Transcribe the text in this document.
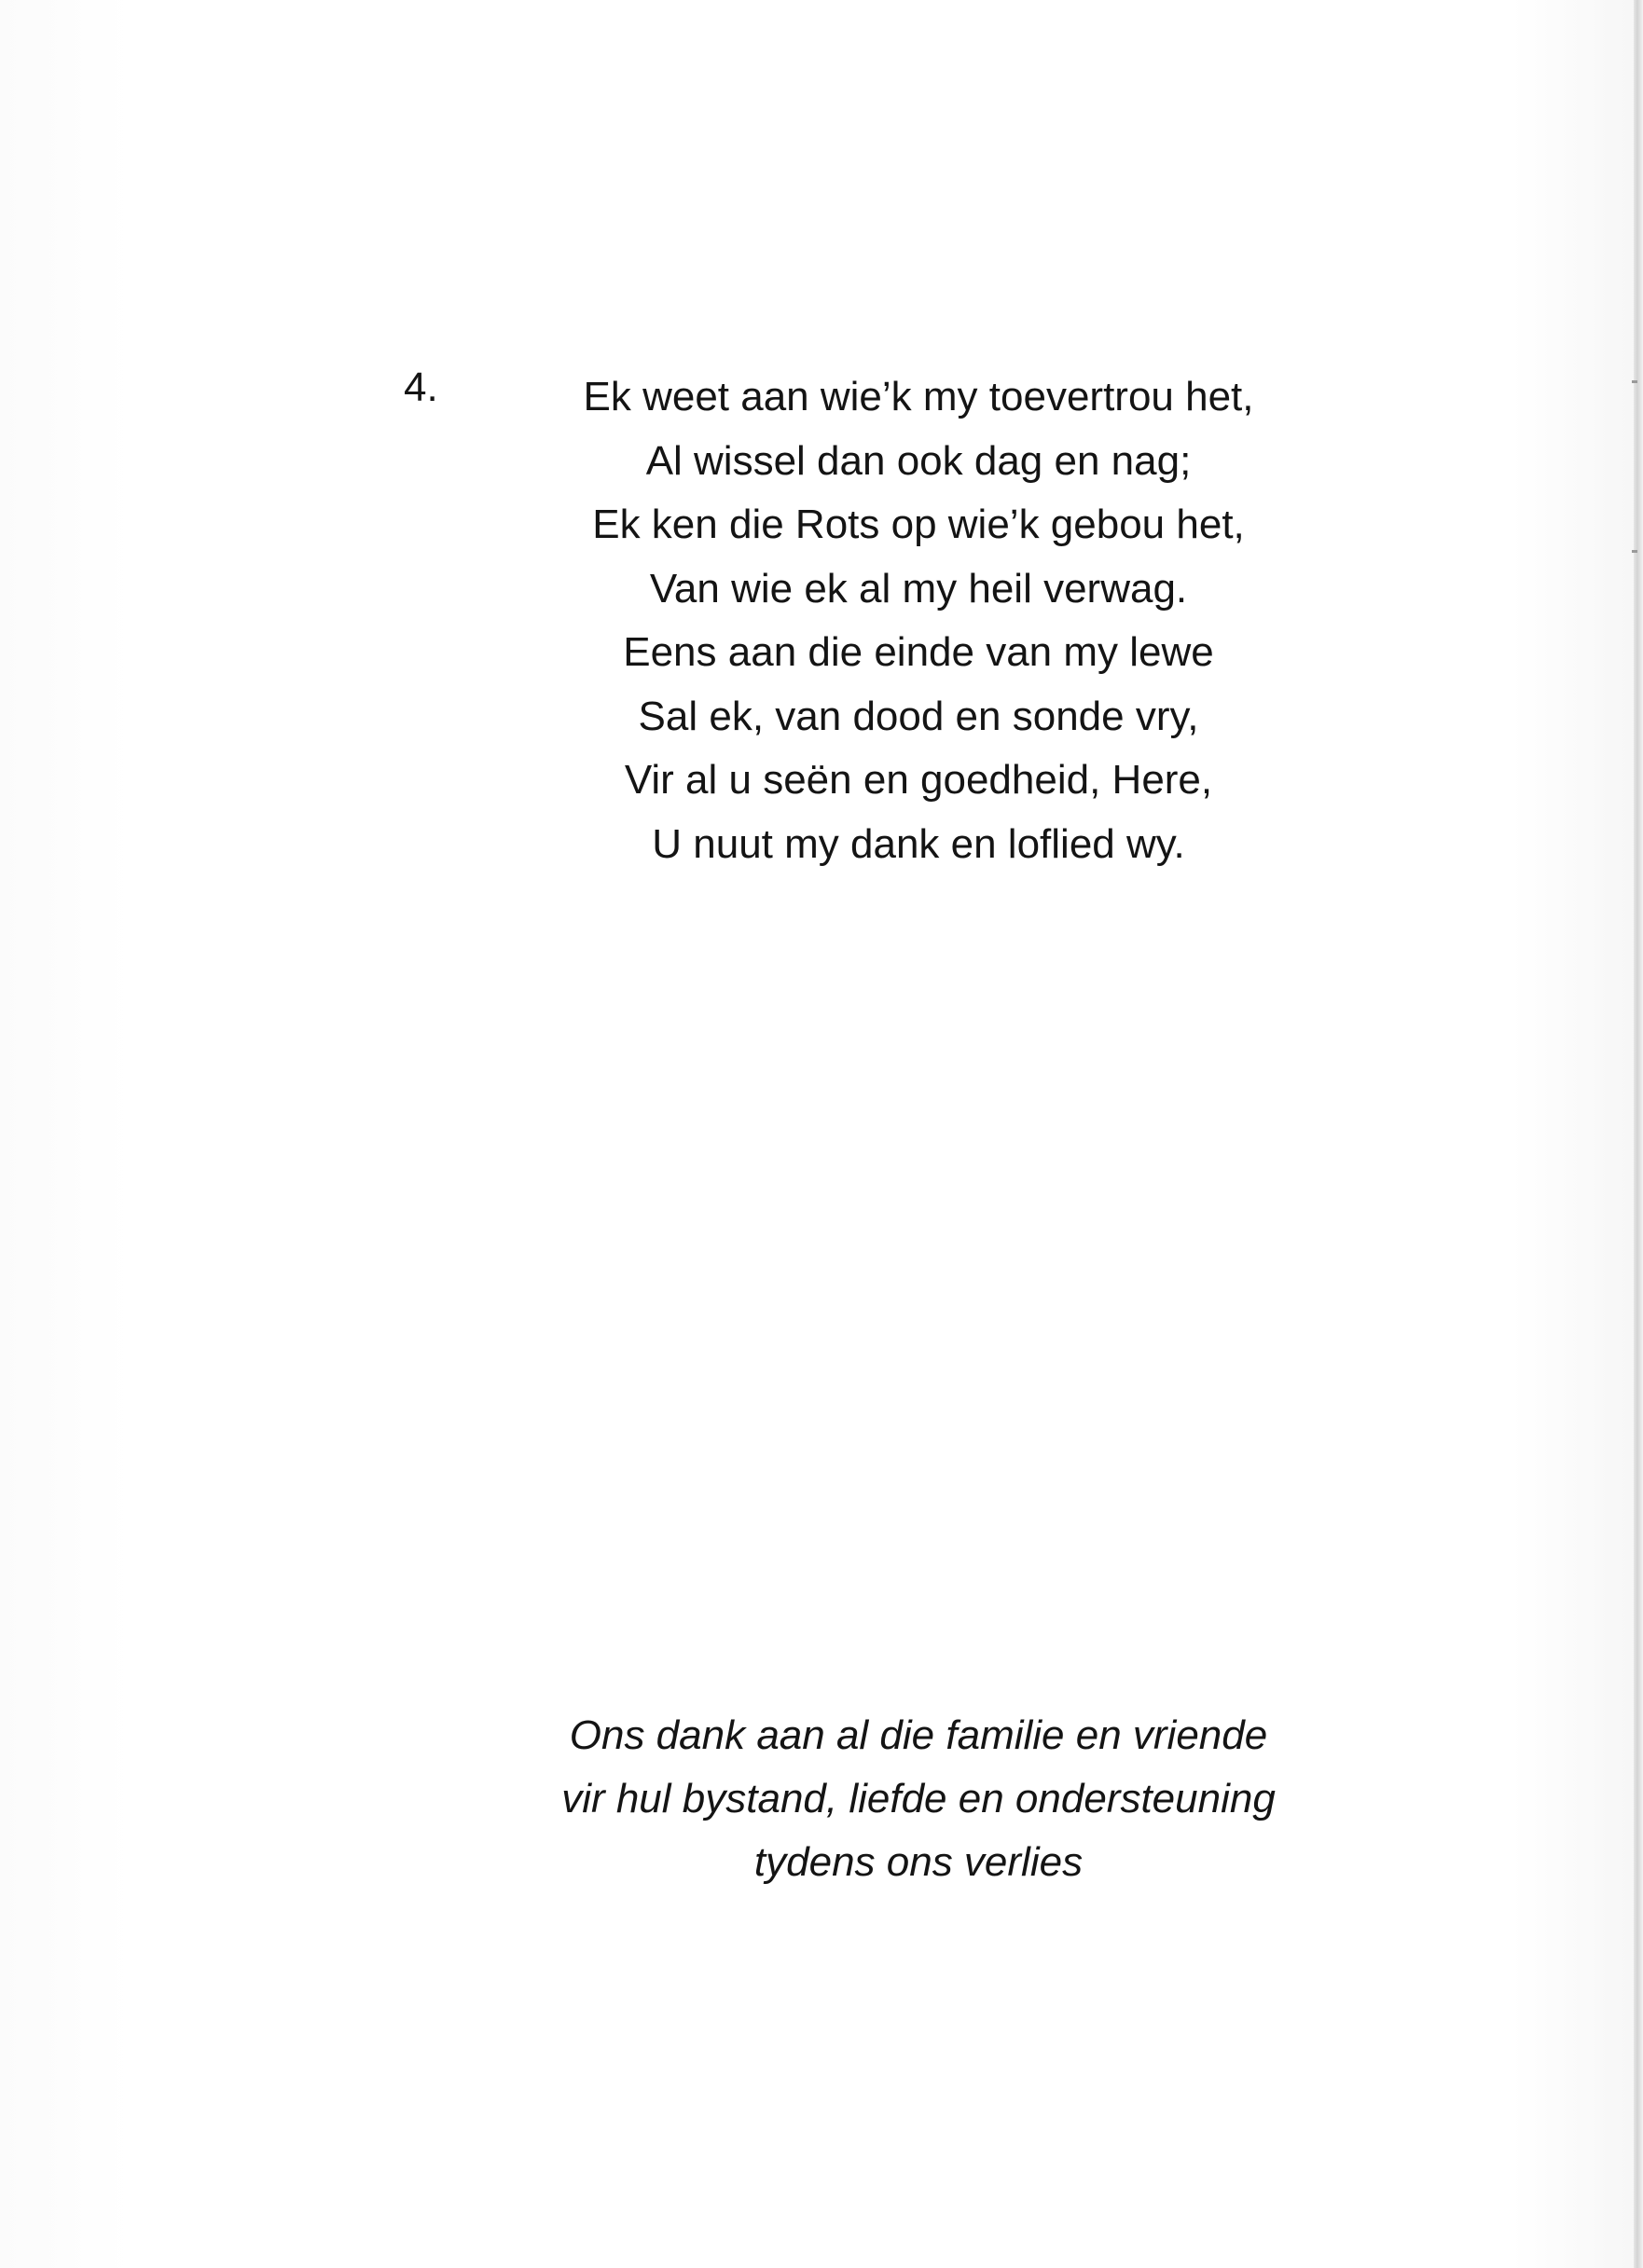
4.	Ek weet aan wie’k my toevertrou het,
Al wissel dan ook dag en nag;
Ek ken die Rots op wie’k gebou het,
Van wie ek al my heil verwag.
Eens aan die einde van my lewe
Sal ek, van dood en sonde vry,
Vir al u seën en goedheid, Here,
U nuut my dank en loflied wy.
Ons dank aan al die familie en vriende
vir hul bystand, liefde en ondersteuning
tydens ons verlies
